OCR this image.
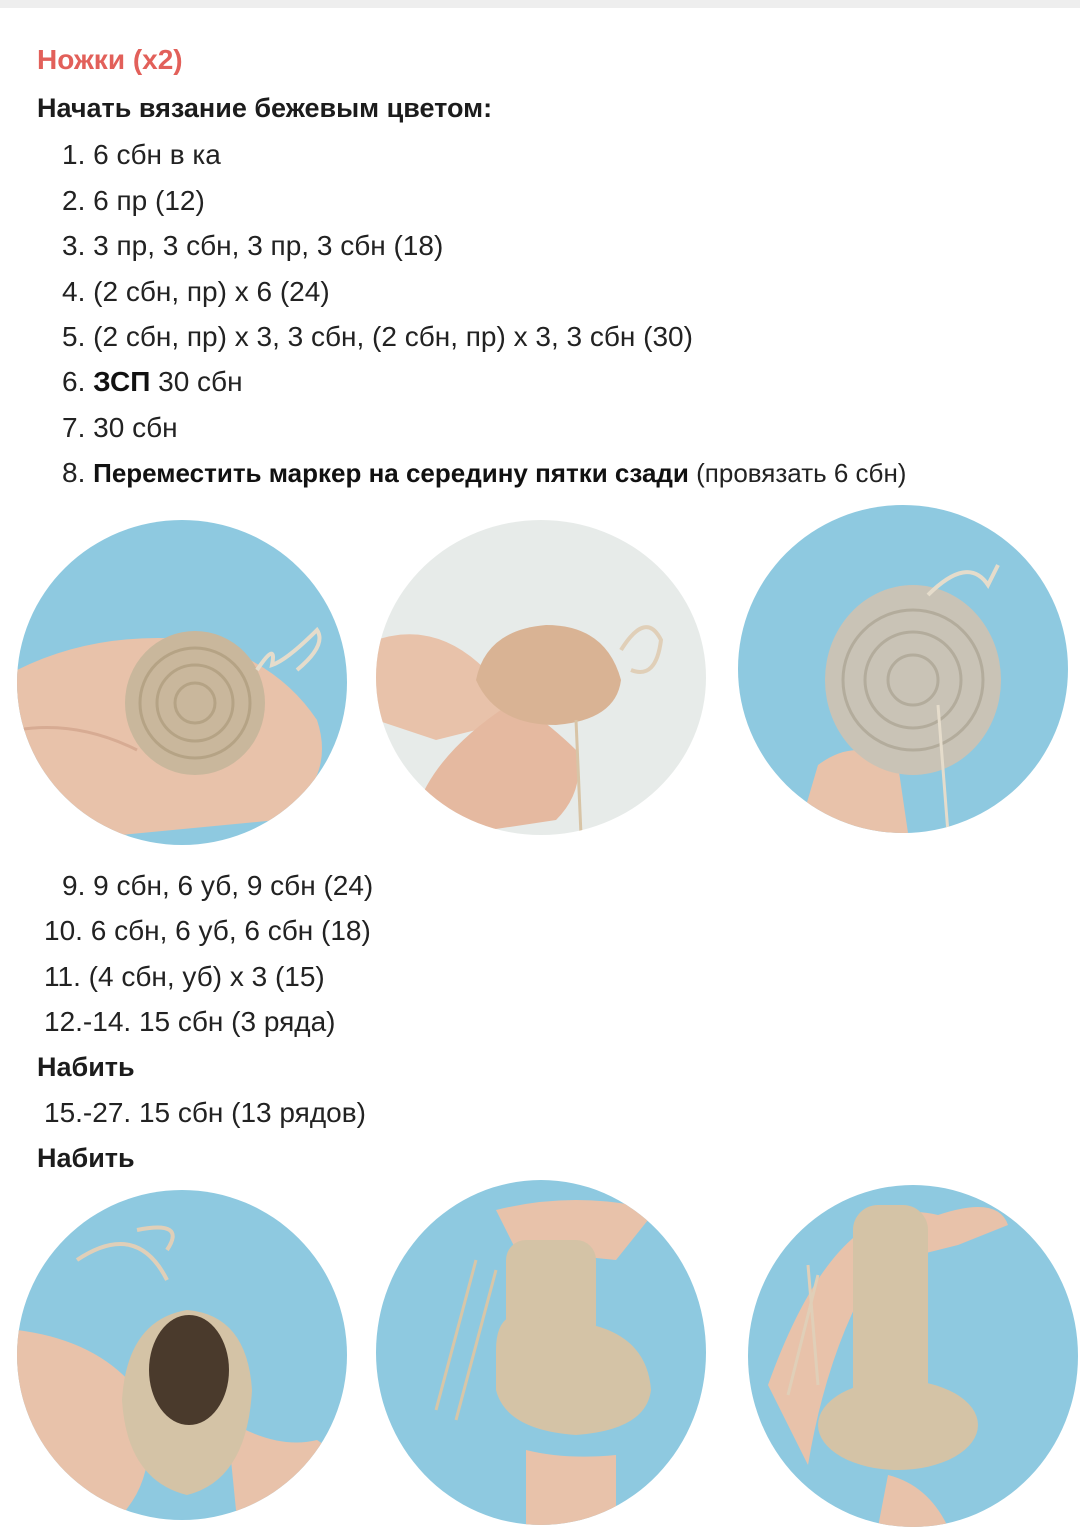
Ножки (х2)

Начать вязание бежевым цветом:

1. 6 сбн в ка
2. 6 пр (12)
3. 3 пр, 3 сбн, 3 пр, 3 сбн (18)
4. (2 сбн, пр) х 6 (24)
5. (2 сбн, пр) х 3, 3 сбн, (2 сбн, пр) х 3, 3 сбн (30)
6. ЗСП 30 сбн
7. 30 сбн
8. Переместить маркер на середину пятки сзади (провязать 6 сбн)
9. 9 сбн, 6 уб, 9 сбн (24)
10. 6 сбн, 6 уб, 6 сбн (18)
11. (4 сбн, уб) х 3 (15)
12.-14. 15 сбн (3 ряда)

Набить

15.-27. 15 сбн (13 рядов)

Набить
